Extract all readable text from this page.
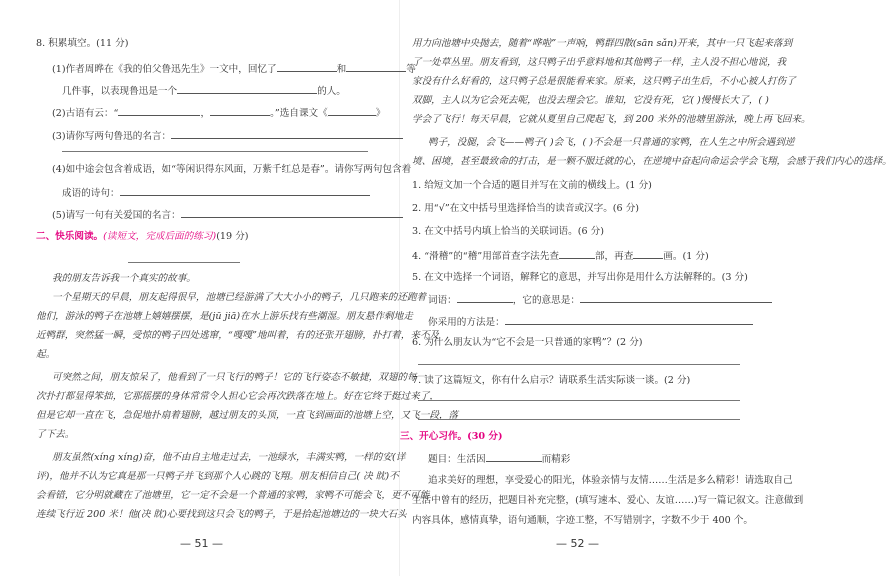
8. 积累填空。(11 分)
(1)作者周晔在《我的伯父鲁迅先生》一文中，回忆了	和	等
几件事，以表现鲁迅是一个	的人。
(2)古语有云：“	，	。”选自课文《	》
(3)请你写两句鲁迅的名言：
(4)如中途会包含着成语，如“等闲识得东风面，万紫千红总是春”。请你写两句包含着
成语的诗句：
(5)请写一句有关爱国的名言：
二、快乐阅读。(读短文，完成后面的练习)(19 分)
我的朋友告诉我一个真实的故事。
一个星期天的早晨，朋友起得很早，池塘已经游满了大大小小的鸭子，几只跑来的还跑着
他们，游泳的鸭子在池塘上嬉嬉摆摆，是(jū jiā)在水上游乐找有些潮湿。朋友悬作剩地走
近鸭群，突然猛一瞬，受惊的鸭子四处逃窜，“嘎嘎”地叫着，有的还张开翅膀，扑打着，来不及
起。
可突然之间，朋友惊呆了，他看到了一只飞行的鸭子！它的飞行姿态不敏捷，双翅的每一
次扑打都显得笨拙，它那摇摆的身体常常令人担心它会再次跌落在地上。好在它终于挺过来了，
但是它却一直在飞，急促地扑扇着翅膀，越过朋友的头顶，一直飞到画面的池塘上空，又飞一段，落
了下去。
朋友虽然(xíng xíng)奋，他不由自主地走过去，一池绿水，丰满实鸭，一样的安(详
评)，他并不认为它真是那一只鸭子并飞到那个人心跳的飞翔。朋友相信自己( 决 眈)不
会看错，它分明就藏在了池塘里，它一定不会是一个普通的家鸭，家鸭不可能会飞，更不可能
连续飞行近 200 米！他(决 眈)心要找到这只会飞的鸭子，于是拾起池塘边的一块大石头
— 51 —
用力向池塘中央抛去，随着“哗啦”一声响，鸭群四散(sān sǎn)开来，其中一只飞起来落到
了一处草丛里。朋友看到，这只鸭子出乎意料地和其他鸭子一样，主人没不担心地说，我
家没有什么好看的，这只鸭子总是很能看来家。原来，这只鸭子出生后，不小心被人打伤了
双脚，主人以为它会死去呢，也没去理会它。谁知，它没有死，它( )慢慢长大了，( )
学会了飞行！每天早晨，它就从夏里自己爬起飞，到 200 米外的池塘里游泳，晚上再飞回来。
鸭子，没腿，会飞——鸭子( )会飞，( )不会是一只普通的家鸭，在人生之中所会遇到逆
境、困境，甚至最致命的打击，是一颗不服迁就的心，在逆境中奋起向命运会学会飞翔，会感于我们内心的选择。
1. 给短文加一个合适的题目并写在文前的横线上。(1 分)
2. 用“√”在文中括号里选择恰当的读音或汉字。(6 分)
3. 在文中括号内填上恰当的关联词语。(6 分)
4. “滑稽”的“稽”用部首查字法先查	部，再查	画。(1 分)
5. 在文中选择一个词语，解释它的意思，并写出你是用什么方法解释的。(3 分)
词语：	，它的意思是：
你采用的方法是：
6. 为什么朋友认为“它不会是一只普通的家鸭”？(2 分)
7. 读了这篇短文，你有什么启示？请联系生活实际谈一谈。(2 分)
三、开心习作。(30 分)
题目：生活因	而精彩
追求美好的理想，享受爱心的阳光，体验亲情与友情……生活是多么精彩！请选取自己
生活中曾有的经历，把题目补充完整，(填写速本、爱心、友谊……)写一篇记叙文。注意做到
内容具体，感情真挚，语句通顺，字迹工整，不写错别字，字数不少于 400 个。
— 52 —
